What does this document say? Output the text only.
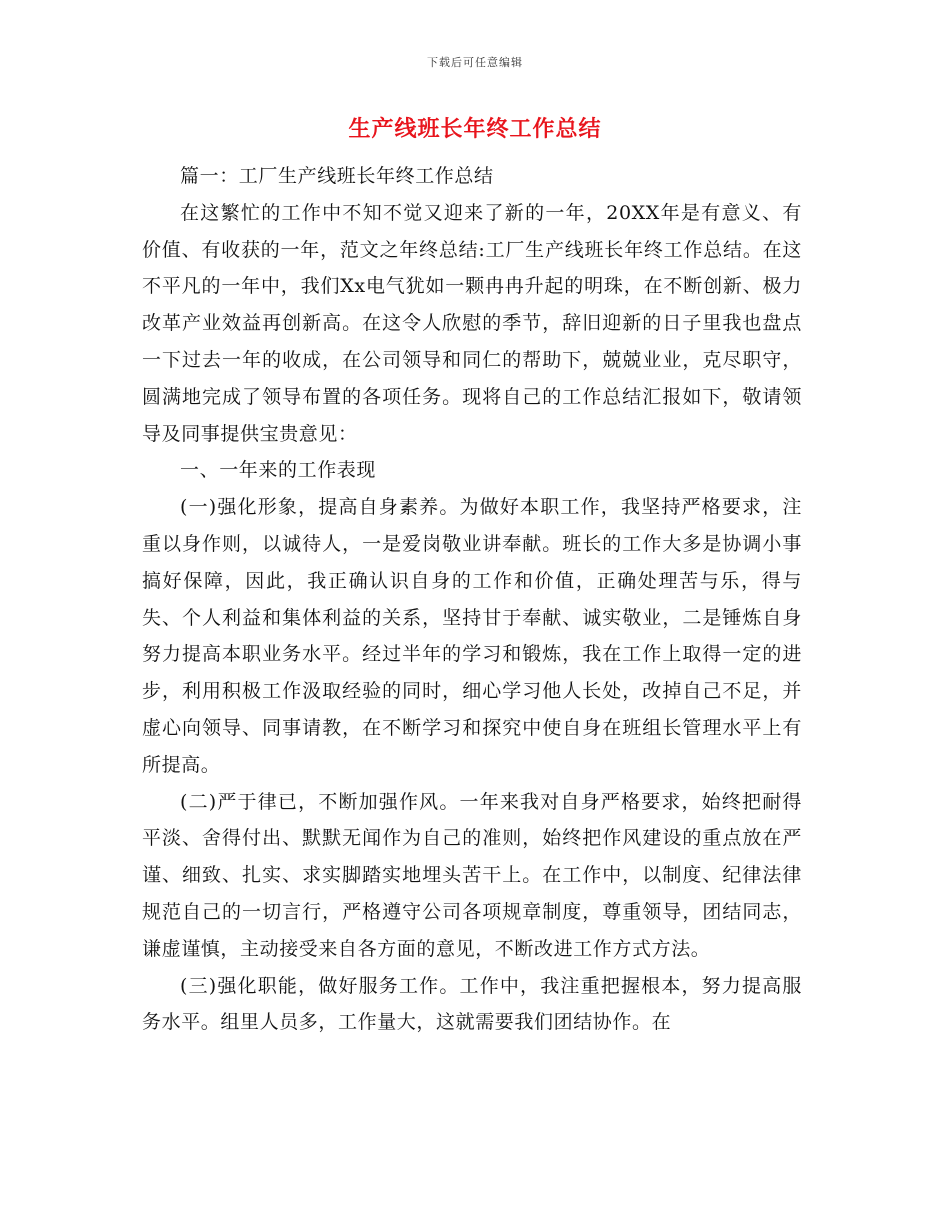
下载后可任意编辑
生产线班长年终工作总结

篇一：工厂生产线班长年终工作总结

在这繁忙的工作中不知不觉又迎来了新的一年，20XX年是有意义、有价值、有收获的一年，范文之年终总结:工厂生产线班长年终工作总结。在这不平凡的一年中，我们Xx电气犹如一颗冉冉升起的明珠，在不断创新、极力改革产业效益再创新高。在这令人欣慰的季节，辞旧迎新的日子里我也盘点一下过去一年的收成，在公司领导和同仁的帮助下，兢兢业业，克尽职守，圆满地完成了领导布置的各项任务。现将自己的工作总结汇报如下，敬请领导及同事提供宝贵意见：

一、一年来的工作表现

(一)强化形象，提高自身素养。为做好本职工作，我坚持严格要求，注重以身作则，以诚待人，一是爱岗敬业讲奉献。班长的工作大多是协调小事搞好保障，因此，我正确认识自身的工作和价值，正确处理苦与乐，得与失、个人利益和集体利益的关系，坚持甘于奉献、诚实敬业，二是锤炼自身努力提高本职业务水平。经过半年的学习和锻炼，我在工作上取得一定的进步，利用积极工作汲取经验的同时，细心学习他人长处，改掉自己不足，并虚心向领导、同事请教，在不断学习和探究中使自身在班组长管理水平上有所提高。

(二)严于律已，不断加强作风。一年来我对自身严格要求，始终把耐得平淡、舍得付出、默默无闻作为自己的准则，始终把作风建设的重点放在严谨、细致、扎实、求实脚踏实地埋头苦干上。在工作中，以制度、纪律法律规范自己的一切言行，严格遵守公司各项规章制度，尊重领导，团结同志，谦虚谨慎，主动接受来自各方面的意见，不断改进工作方式方法。

(三)强化职能，做好服务工作。工作中，我注重把握根本，努力提高服务水平。组里人员多，工作量大，这就需要我们团结协作。在
